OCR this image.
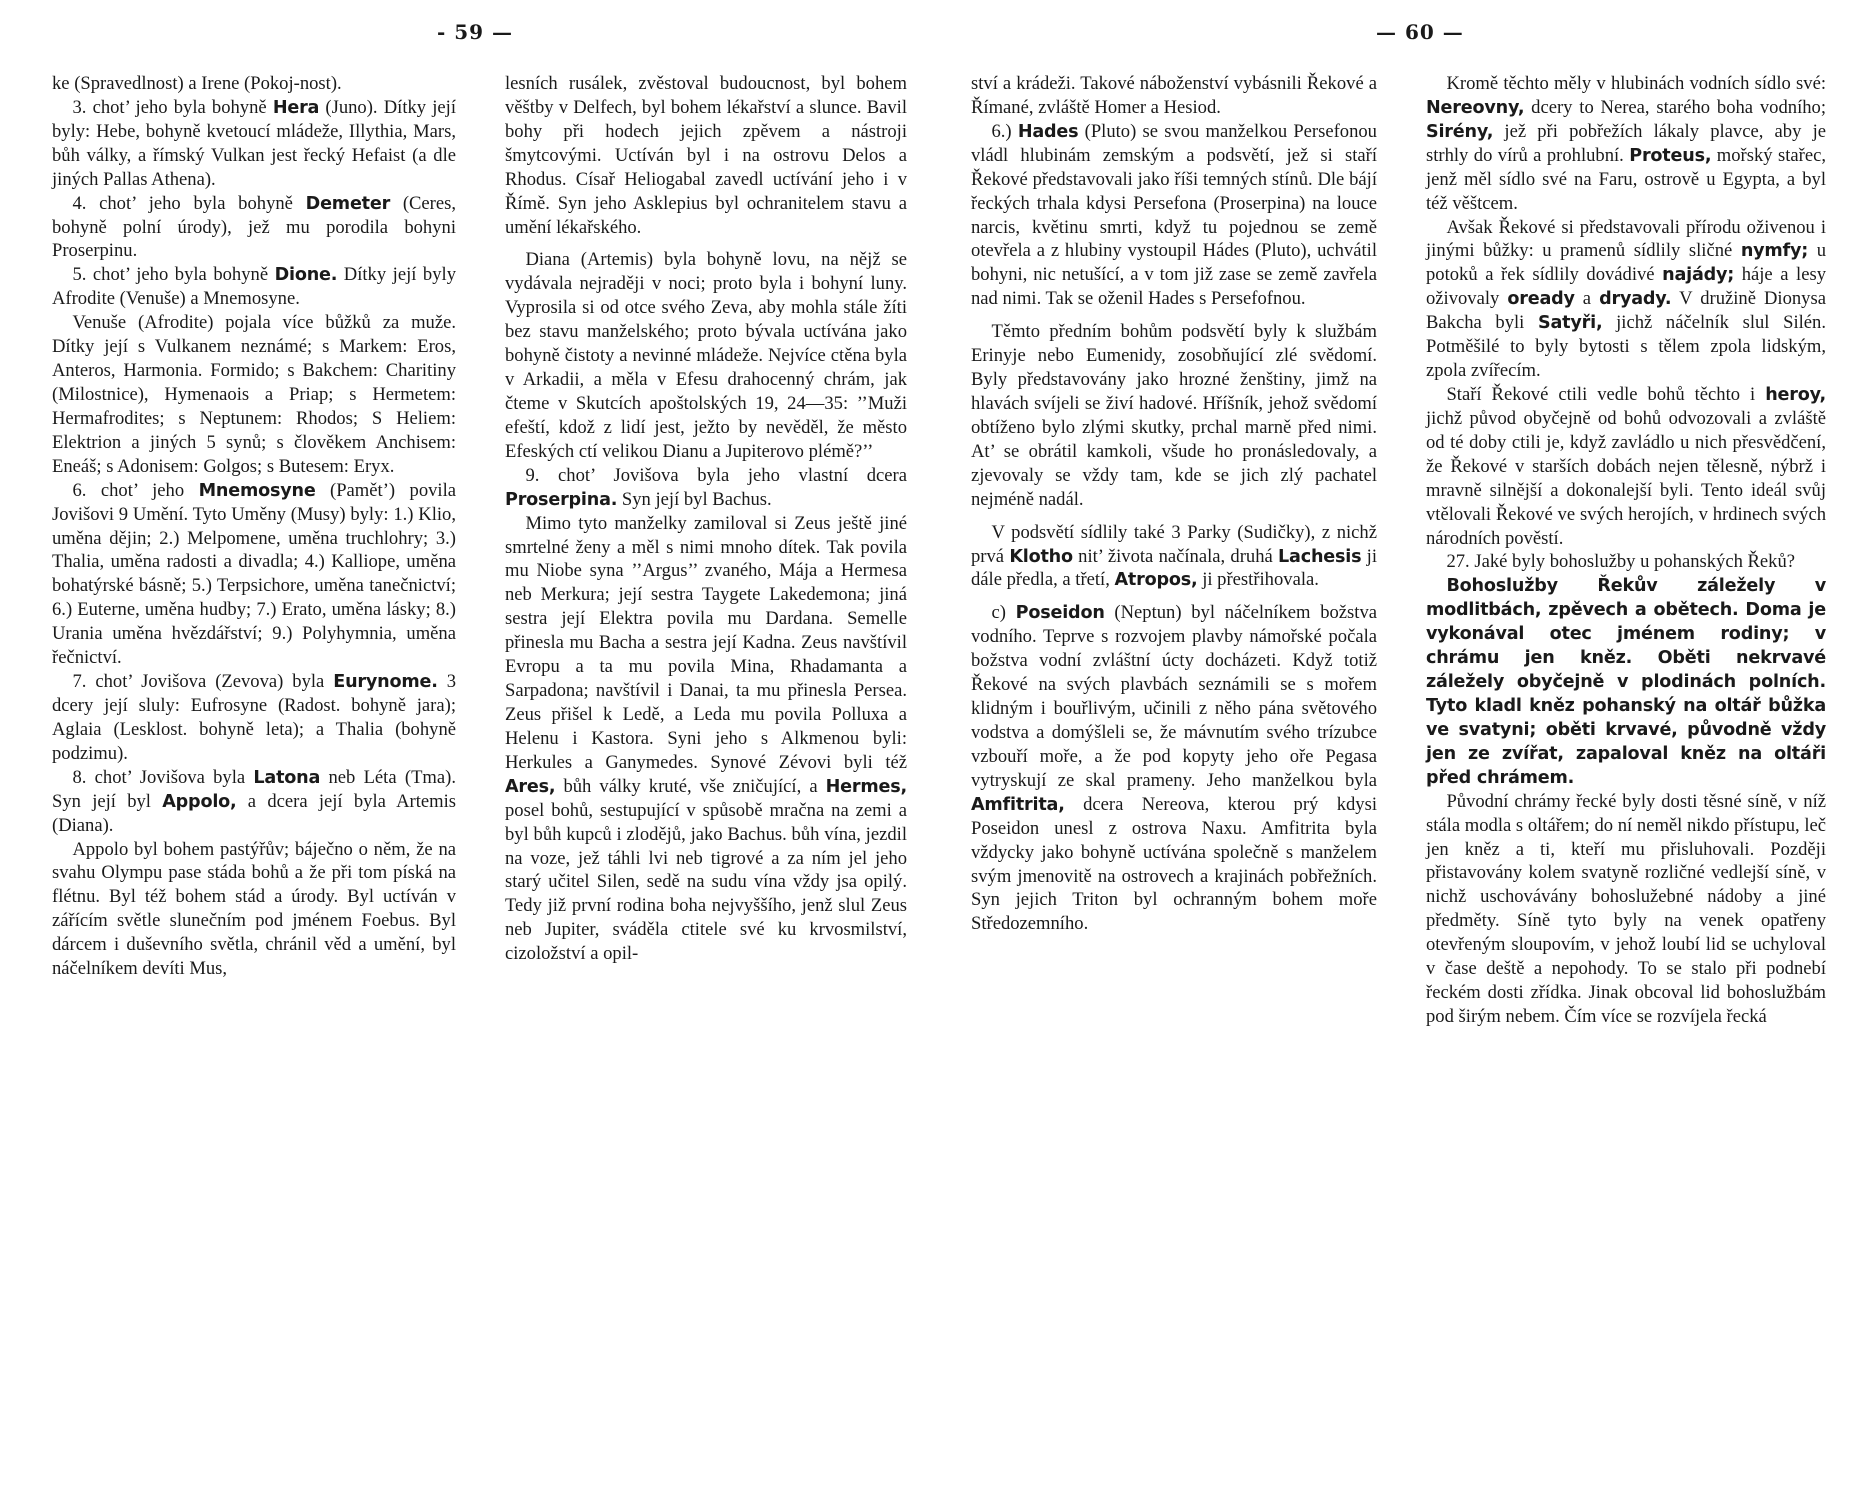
- 59 —

ke (Spravedlnost) a Irene (Pokoj-nost).

3. chot’ jeho byla bohyně Hera (Juno). Dítky její byly: Hebe, bohyně kvetoucí mládeže, Illythia, Mars, bůh války, a římský Vulkan jest řecký Hefaist (a dle jiných Pallas Athena).

4. chot’ jeho byla bohyně Demeter (Ceres, bohyně polní úrody), jež mu porodila bohyni Proserpinu.

5. chot’ jeho byla bohyně Dione. Dítky její byly Afrodite (Venuše) a Mnemosyne.

Venuše (Afrodite) pojala více bůžků za muže. Dítky její s Vulkanem neznámé; s Markem: Eros, Anteros, Harmonia. Formido; s Bakchem: Charitiny (Milostnice), Hymenaois a Priap; s Hermetem: Hermafrodites; s Neptunem: Rhodos; S Heliem: Elektrion a jiných 5 synů; s člověkem Anchisem: Eneáš; s Adonisem: Golgos; s Butesem: Eryx.

6. chot’ jeho Mnemosyne (Pamět’) povila Jovišovi 9 Umění. Tyto Uměny (Musy) byly: 1.) Klio, uměna dějin; 2.) Melpomene, uměna truchlohry; 3.) Thalia, uměna radosti a divadla; 4.) Kalliope, uměna bohatýrské básně; 5.) Terpsichore, uměna tanečnictví; 6.) Euterne, uměna hudby; 7.) Erato, uměna lásky; 8.) Urania uměna hvězdářství; 9.) Polyhymnia, uměna řečnictví.

7. chot’ Jovišova (Zevova) byla Eurynome. 3 dcery její sluly: Eufrosyne (Radost. bohyně jara); Aglaia (Lesklost. bohyně leta); a Thalia (bohyně podzimu).

8. chot’ Jovišova byla Latona neb Léta (Tma). Syn její byl Appolo, a dcera její byla Artemis (Diana).

Appolo byl bohem pastýřův; báječno o něm, že na svahu Olympu pase stáda bohů a že při tom píská na flétnu. Byl též bohem stád a úrody. Byl uctíván v zářícím světle slunečním pod jménem Foebus. Byl dárcem i duševního světla, chránil věd a umění, byl náčelníkem devíti Mus,

lesních rusálek, zvěstoval budoucnost, byl bohem věštby v Delfech, byl bohem lékařství a slunce. Bavil bohy při hodech jejich zpěvem a nástroji šmytcovými. Uctíván byl i na ostrovu Delos a Rhodus. Císař Heliogabal zavedl uctívání jeho i v Římě. Syn jeho Asklepius byl ochranitelem stavu a umění lékařského.

Diana (Artemis) byla bohyně lovu, na nějž se vydávala nejraději v noci; proto byla i bohyní luny. Vyprosila si od otce svého Zeva, aby mohla stále žíti bez stavu manželského; proto bývala uctívána jako bohyně čistoty a nevinné mládeže. Nejvíce ctěna byla v Arkadii, a měla v Efesu drahocenný chrám, jak čteme v Skutcích apoštolských 19, 24—35: ’’Muži efeští, kdož z lidí jest, ježto by nevěděl, že město Efeských ctí velikou Dianu a Jupiterovo plémě?’’

9. chot’ Jovišova byla jeho vlastní dcera Proserpina. Syn její byl Bachus.

Mimo tyto manželky zamiloval si Zeus ještě jiné smrtelné ženy a měl s nimi mnoho dítek. Tak povila mu Niobe syna ’’Argus’’ zvaného, Mája a Hermesa neb Merkura; její sestra Taygete Lakedemona; jiná sestra její Elektra povila mu Dardana. Semelle přinesla mu Bacha a sestra její Kadna. Zeus navštívil Evropu a ta mu povila Mina, Rhadamanta a Sarpadona; navštívil i Danai, ta mu přinesla Persea. Zeus přišel k Ledě, a Leda mu povila Polluxa a Helenu i Kastora. Syni jeho s Alkmenou byli: Herkules a Ganymedes. Synové Zévovi byli též Ares, bůh války kruté, vše zničující, a Hermes, posel bohů, sestupující v spůsobě mračna na zemi a byl bůh kupců i zlodějů, jako Bachus. bůh vína, jezdil na voze, jež táhli lvi neb tigrové a za ním jel jeho starý učitel Silen, sedě na sudu vína vždy jsa opilý. Tedy již první rodina boha nejvyššího, jenž slul Zeus neb Jupiter, svádělа ctitele své ku krvosmilství, cizoložství a opil-

— 60 —

ství a krádeži. Takové náboženství vybásnili Řekové a Římané, zvláště Homer a Hesiod.

6.) Hades (Pluto) se svou manželkou Persefonou vládl hlubinám zemským a podsvětí, jež si staří Řekové představovali jako říši temných stínů. Dle bájí řeckých trhala kdysi Persefona (Proserpina) na louce narcis, květinu smrti, když tu pojednou se země otevřela a z hlubiny vystoupil Hádes (Pluto), uchvátil bohyni, nic netušící, a v tom již zase se země zavřela nad nimi. Tak se oženil Hades s Persefofnou.

Těmto předním bohům podsvětí byly k službám Erinyje nebo Eumenidy, zosobňující zlé svědomí. Byly představovány jako hrozné ženštiny, jimž na hlavách svíjeli se živí hadové. Hříšník, jehož svědomí obtíženo bylo zlými skutky, prchal marně před nimi. At’ se obrátil kamkoli, všude ho pronásledovaly, a zjevovaly se vždy tam, kde se jich zlý pachatel nejméně nadál.

V podsvětí sídlily také 3 Parky (Sudičky), z nichž prvá Klotho nit’ života načínala, druhá Lachesis ji dále předla, a třetí, Atropos, ji přestřihovala.

c) Poseidon (Neptun) byl náčelníkem božstva vodního. Teprve s rozvojem plavby námořské počala božstva vodní zvláštní úcty docházeti. Když totiž Řekové na svých plavbách seznámili se s mořem klidným i bouřlivým, učinili z něho pána světového vodstva a domýšleli se, že mávnutím svého trízubce vzbouří moře, a že pod kopyty jeho oře Pegasa vytryskují ze skal prameny. Jeho manželkou byla Amfitrita, dcera Nereova, kterou prý kdysi Poseidon unesl z ostrova Naxu. Amfitrita byla vždycky jako bohyně uctívána společně s manželem svým jmenovitě na ostrovech a krajinách pobřežních. Syn jejich Triton byl ochranným bohem moře Středozemního.

Kromě těchto měly v hlubinách vodních sídlo své: Nereovny, dcery to Nerea, starého boha vodního; Sirény, jež při pobřežích lákaly plavce, aby je strhly do vírů a prohlubní. Proteus, mořský stařec, jenž měl sídlo své na Faru, ostrově u Egypta, a byl též věštcem.

Avšak Řekové si představovali přírodu oživenou i jinými bůžky: u pramenů sídlily sličné nymfy; u potoků a řek sídlily dovádivé najády; háje a lesy oživovaly oready a dryady. V družině Dionysa Bakcha byli Satyři, jichž náčelník slul Silén. Potměšilé to byly bytosti s tělem zpola lidským, zpola zvířecím.

Staří Řekové ctili vedle bohů těchto i heroy, jichž původ obyčejně od bohů odvozovali a zvláště od té doby ctili je, když zavládlo u nich přesvědčení, že Řekové v starších dobách nejen tělesně, nýbrž i mravně silnější a dokonalejší byli. Tento ideál svůj vtělovali Řekové ve svých herojích, v hrdinech svých národních pověstí.

27. Jaké byly bohoslužby u pohanských Řeků?

Bohoslužby Řekův záležely v modlitbách, zpěvech a obětech. Doma je vykonával otec jménem rodiny; v chrámu jen kněz. Oběti nekrvavé záležely obyčejně v plodinách polních. Tyto kladl kněz pohanský na oltář bůžka ve svatyni; oběti krvavé, původně vždy jen ze zvířat, zapaloval kněz na oltáři před chrámem.

Původní chrámy řecké byly dosti těsné síně, v níž stála modla s oltářem; do ní neměl nikdo přístupu, leč jen kněz a ti, kteří mu přisluhovali. Později přistavovány kolem svatyně rozličné vedlejší síně, v nichž uschovávány bohoslužebné nádoby a jiné předměty. Síně tyto byly na venek opatřeny otevřeným sloupovím, v jehož loubí lid se uchyloval v čase deště a nepohody. To se stalo při podnebí řeckém dosti zřídka. Jinak obcoval lid bohoslužbám pod širým nebem. Čím více se rozvíjela řecká
